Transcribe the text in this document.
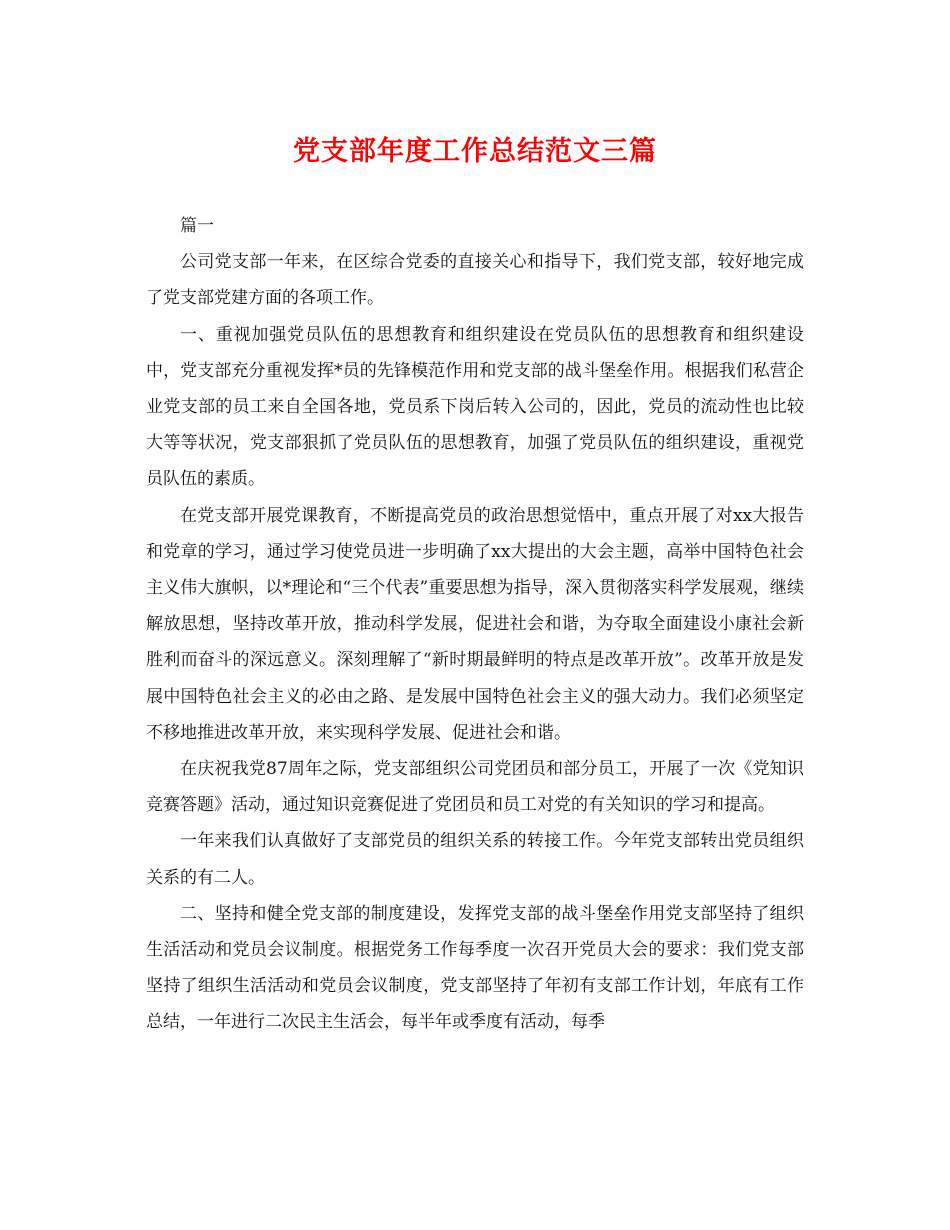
党支部年度工作总结范文三篇

篇一

公司党支部一年来，在区综合党委的直接关心和指导下，我们党支部，较好地完成了党支部党建方面的各项工作。

一、重视加强党员队伍的思想教育和组织建设在党员队伍的思想教育和组织建设中，党支部充分重视发挥*员的先锋模范作用和党支部的战斗堡垒作用。根据我们私营企业党支部的员工来自全国各地，党员系下岗后转入公司的，因此，党员的流动性也比较大等等状况，党支部狠抓了党员队伍的思想教育，加强了党员队伍的组织建设，重视党员队伍的素质。

在党支部开展党课教育，不断提高党员的政治思想觉悟中，重点开展了对xx大报告和党章的学习，通过学习使党员进一步明确了xx大提出的大会主题，高举中国特色社会主义伟大旗帜，以*理论和“三个代表”重要思想为指导，深入贯彻落实科学发展观，继续解放思想，坚持改革开放，推动科学发展，促进社会和谐，为夺取全面建设小康社会新胜利而奋斗的深远意义。深刻理解了“新时期最鲜明的特点是改革开放”。改革开放是发展中国特色社会主义的必由之路、是发展中国特色社会主义的强大动力。我们必须坚定不移地推进改革开放，来实现科学发展、促进社会和谐。

在庆祝我党87周年之际，党支部组织公司党团员和部分员工，开展了一次《党知识竞赛答题》活动，通过知识竞赛促进了党团员和员工对党的有关知识的学习和提高。

一年来我们认真做好了支部党员的组织关系的转接工作。今年党支部转出党员组织关系的有二人。

二、坚持和健全党支部的制度建设，发挥党支部的战斗堡垒作用党支部坚持了组织生活活动和党员会议制度。根据党务工作每季度一次召开党员大会的要求：我们党支部坚持了组织生活活动和党员会议制度，党支部坚持了年初有支部工作计划，年底有工作总结，一年进行二次民主生活会，每半年或季度有活动，每季
